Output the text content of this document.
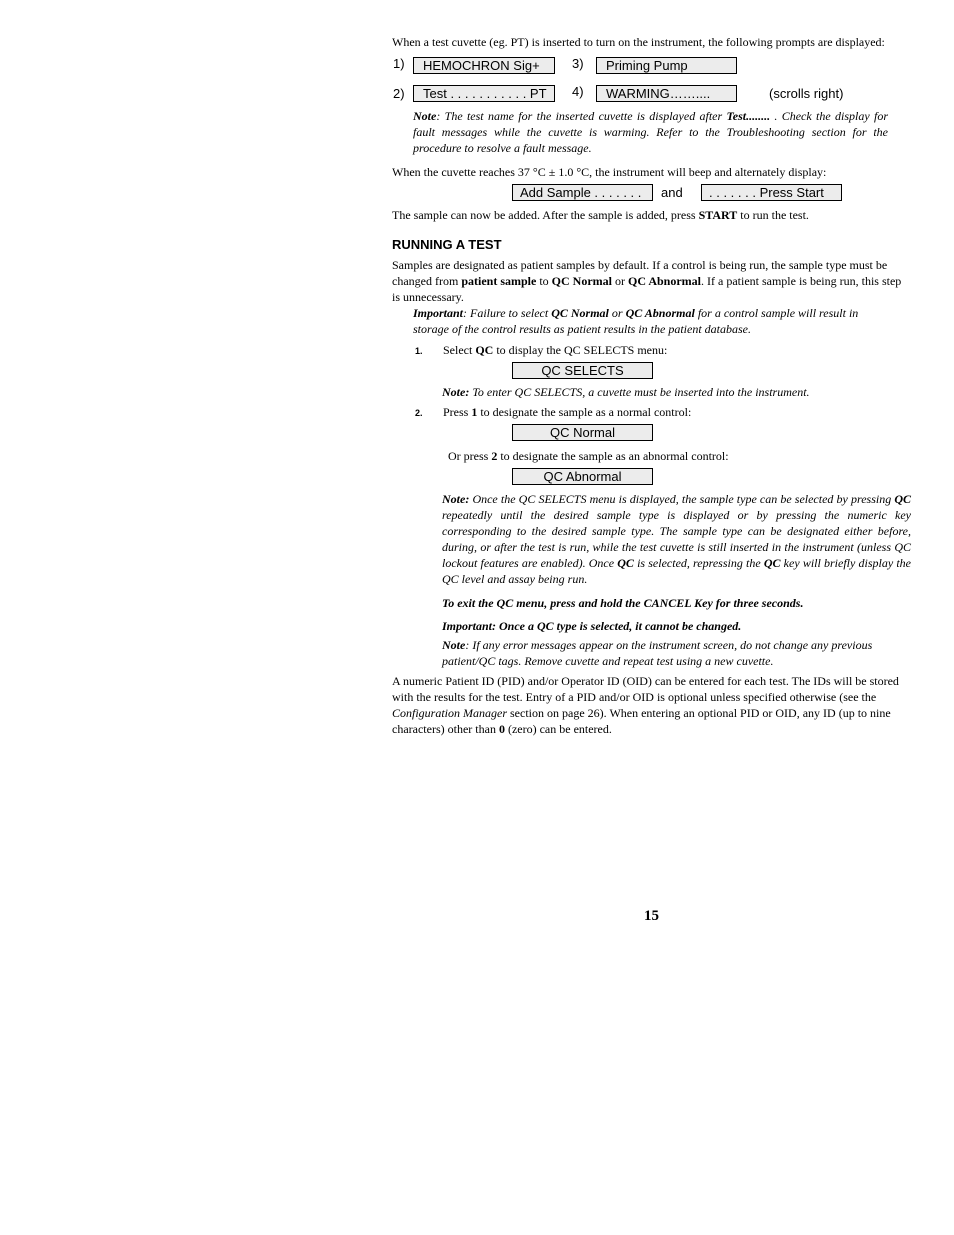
When a test cuvette (eg. PT) is inserted to turn on the instrument, the following prompts are displayed:
1)	HEMOCHRON Sig+	3)	Priming Pump
2)	Test . . . . . . . . . . . PT	4)	WARMING……....	(scrolls right)
Note: The test name for the inserted cuvette is displayed after Test........ . Check the display for fault messages while the cuvette is warming. Refer to the Troubleshooting section for the procedure to resolve a fault message.
When the cuvette reaches 37 °C ± 1.0 °C, the instrument will beep and alternately display:
Add Sample . . . . . . .	and	. . . . . . . Press Start
The sample can now be added. After the sample is added, press START to run the test.
RUNNING A TEST
Samples are designated as patient samples by default. If a control is being run, the sample type must be changed from patient sample to QC Normal or QC Abnormal. If a patient sample is being run, this step is unnecessary.
Important: Failure to select QC Normal or QC Abnormal for a control sample will result in storage of the control results as patient results in the patient database.
1. Select QC to display the QC SELECTS menu:
QC SELECTS
Note: To enter QC SELECTS, a cuvette must be inserted into the instrument.
2. Press 1 to designate the sample as a normal control:
QC Normal
Or press 2 to designate the sample as an abnormal control:
QC Abnormal
Note: Once the QC SELECTS menu is displayed, the sample type can be selected by pressing QC repeatedly until the desired sample type is displayed or by pressing the numeric key corresponding to the desired sample type. The sample type can be designated either before, during, or after the test is run, while the test cuvette is still inserted in the instrument (unless QC lockout features are enabled). Once QC is selected, repressing the QC key will briefly display the QC level and assay being run.
To exit the QC menu, press and hold the CANCEL Key for three seconds.
Important: Once a QC type is selected, it cannot be changed.
Note: If any error messages appear on the instrument screen, do not change any previous patient/QC tags. Remove cuvette and repeat test using a new cuvette.
A numeric Patient ID (PID) and/or Operator ID (OID) can be entered for each test. The IDs will be stored with the results for the test. Entry of a PID and/or OID is optional unless specified otherwise (see the Configuration Manager section on page 26). When entering an optional PID or OID, any ID (up to nine characters) other than 0 (zero) can be entered.
15
